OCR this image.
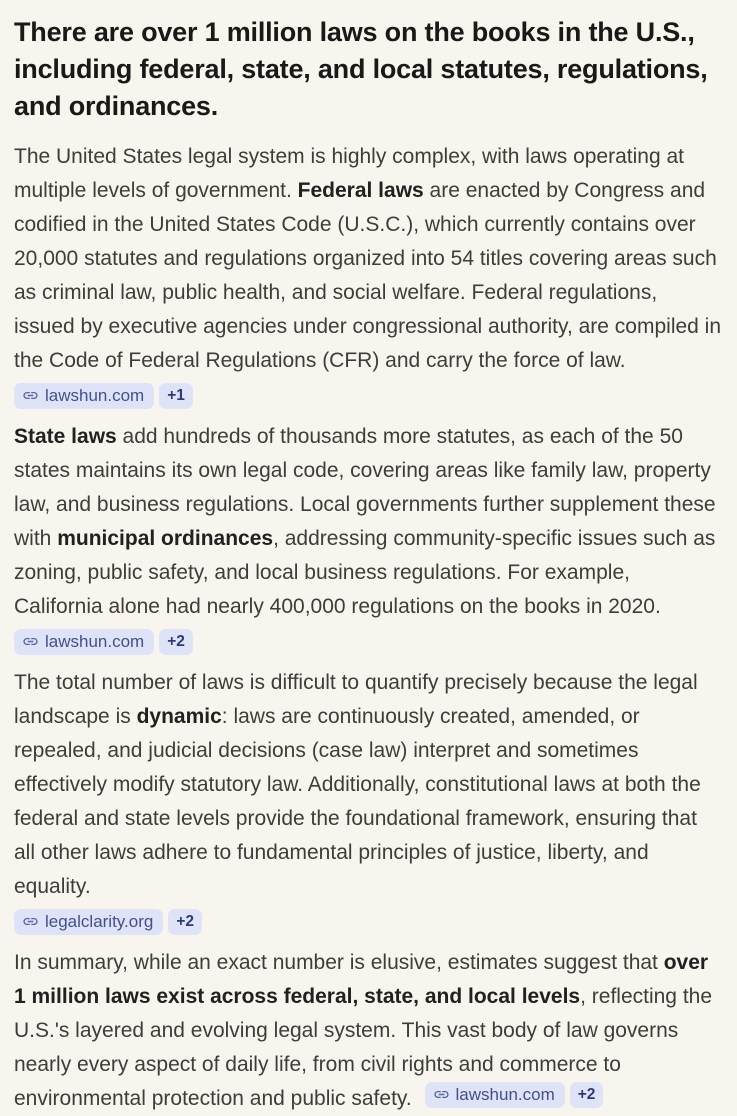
There are over 1 million laws on the books in the U.S., including federal, state, and local statutes, regulations, and ordinances.

The United States legal system is highly complex, with laws operating at multiple levels of government. Federal laws are enacted by Congress and codified in the United States Code (U.S.C.), which currently contains over 20,000 statutes and regulations organized into 54 titles covering areas such as criminal law, public health, and social welfare. Federal regulations, issued by executive agencies under congressional authority, are compiled in the Code of Federal Regulations (CFR) and carry the force of law.

lawshun.com	+1

State laws add hundreds of thousands more statutes, as each of the 50 states maintains its own legal code, covering areas like family law, property law, and business regulations. Local governments further supplement these with municipal ordinances, addressing community-specific issues such as zoning, public safety, and local business regulations. For example, California alone had nearly 400,000 regulations on the books in 2020.

lawshun.com	+2

The total number of laws is difficult to quantify precisely because the legal landscape is dynamic: laws are continuously created, amended, or repealed, and judicial decisions (case law) interpret and sometimes effectively modify statutory law. Additionally, constitutional laws at both the federal and state levels provide the foundational framework, ensuring that all other laws adhere to fundamental principles of justice, liberty, and equality.

legalclarity.org	+2

In summary, while an exact number is elusive, estimates suggest that over 1 million laws exist across federal, state, and local levels, reflecting the U.S.'s layered and evolving legal system. This vast body of law governs nearly every aspect of daily life, from civil rights and commerce to environmental protection and public safety.	lawshun.com	+2
